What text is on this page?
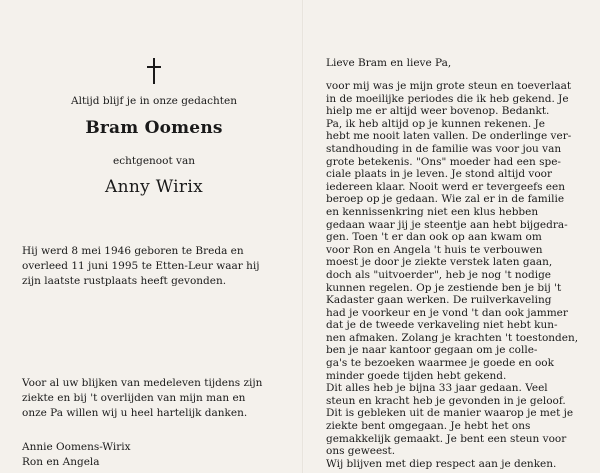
Altijd blijf je in onze gedachten
Bram Oomens
echtgenoot van
Anny Wirix
Hij werd 8 mei 1946 geboren te Breda en
overleed 11 juni 1995 te Etten-Leur waar hij
zijn laatste rustplaats heeft gevonden.
Voor al uw blijken van medeleven tijdens zijn
ziekte en bij 't overlijden van mijn man en
onze Pa willen wij u heel hartelijk danken.
Annie Oomens-Wirix
Ron en Angela
Lieve Bram en lieve Pa,
voor mij was je mijn grote steun en toeverlaat
in de moeilijke periodes die ik heb gekend. Je
hielp me er altijd weer bovenop. Bedankt.
Pa, ik heb altijd op je kunnen rekenen. Je
hebt me nooit laten vallen. De onderlinge ver-
standhouding in de familie was voor jou van
grote betekenis. "Ons" moeder had een spe-
ciale plaats in je leven. Je stond altijd voor
iedereen klaar. Nooit werd er tevergeefs een
beroep op je gedaan. Wie zal er in de familie
en kennissenkring niet een klus hebben
gedaan waar jij je steentje aan hebt bijgedra-
gen. Toen 't er dan ook op aan kwam om
voor Ron en Angela 't huis te verbouwen
moest je door je ziekte verstek laten gaan,
doch als "uitvoerder", heb je nog 't nodige
kunnen regelen. Op je zestiende ben je bij 't
Kadaster gaan werken. De ruilverkaveling
had je voorkeur en je vond 't dan ook jammer
dat je de tweede verkaveling niet hebt kun-
nen afmaken. Zolang je krachten 't toestonden,
ben je naar kantoor gegaan om je colle-
ga's te bezoeken waarmee je goede en ook
minder goede tijden hebt gekend.
Dit alles heb je bijna 33 jaar gedaan. Veel
steun en kracht heb je gevonden in je geloof.
Dit is gebleken uit de manier waarop je met je
ziekte bent omgegaan. Je hebt het ons
gemakkelijk gemaakt. Je bent een steun voor
ons geweest.
Wij blijven met diep respect aan je denken.
